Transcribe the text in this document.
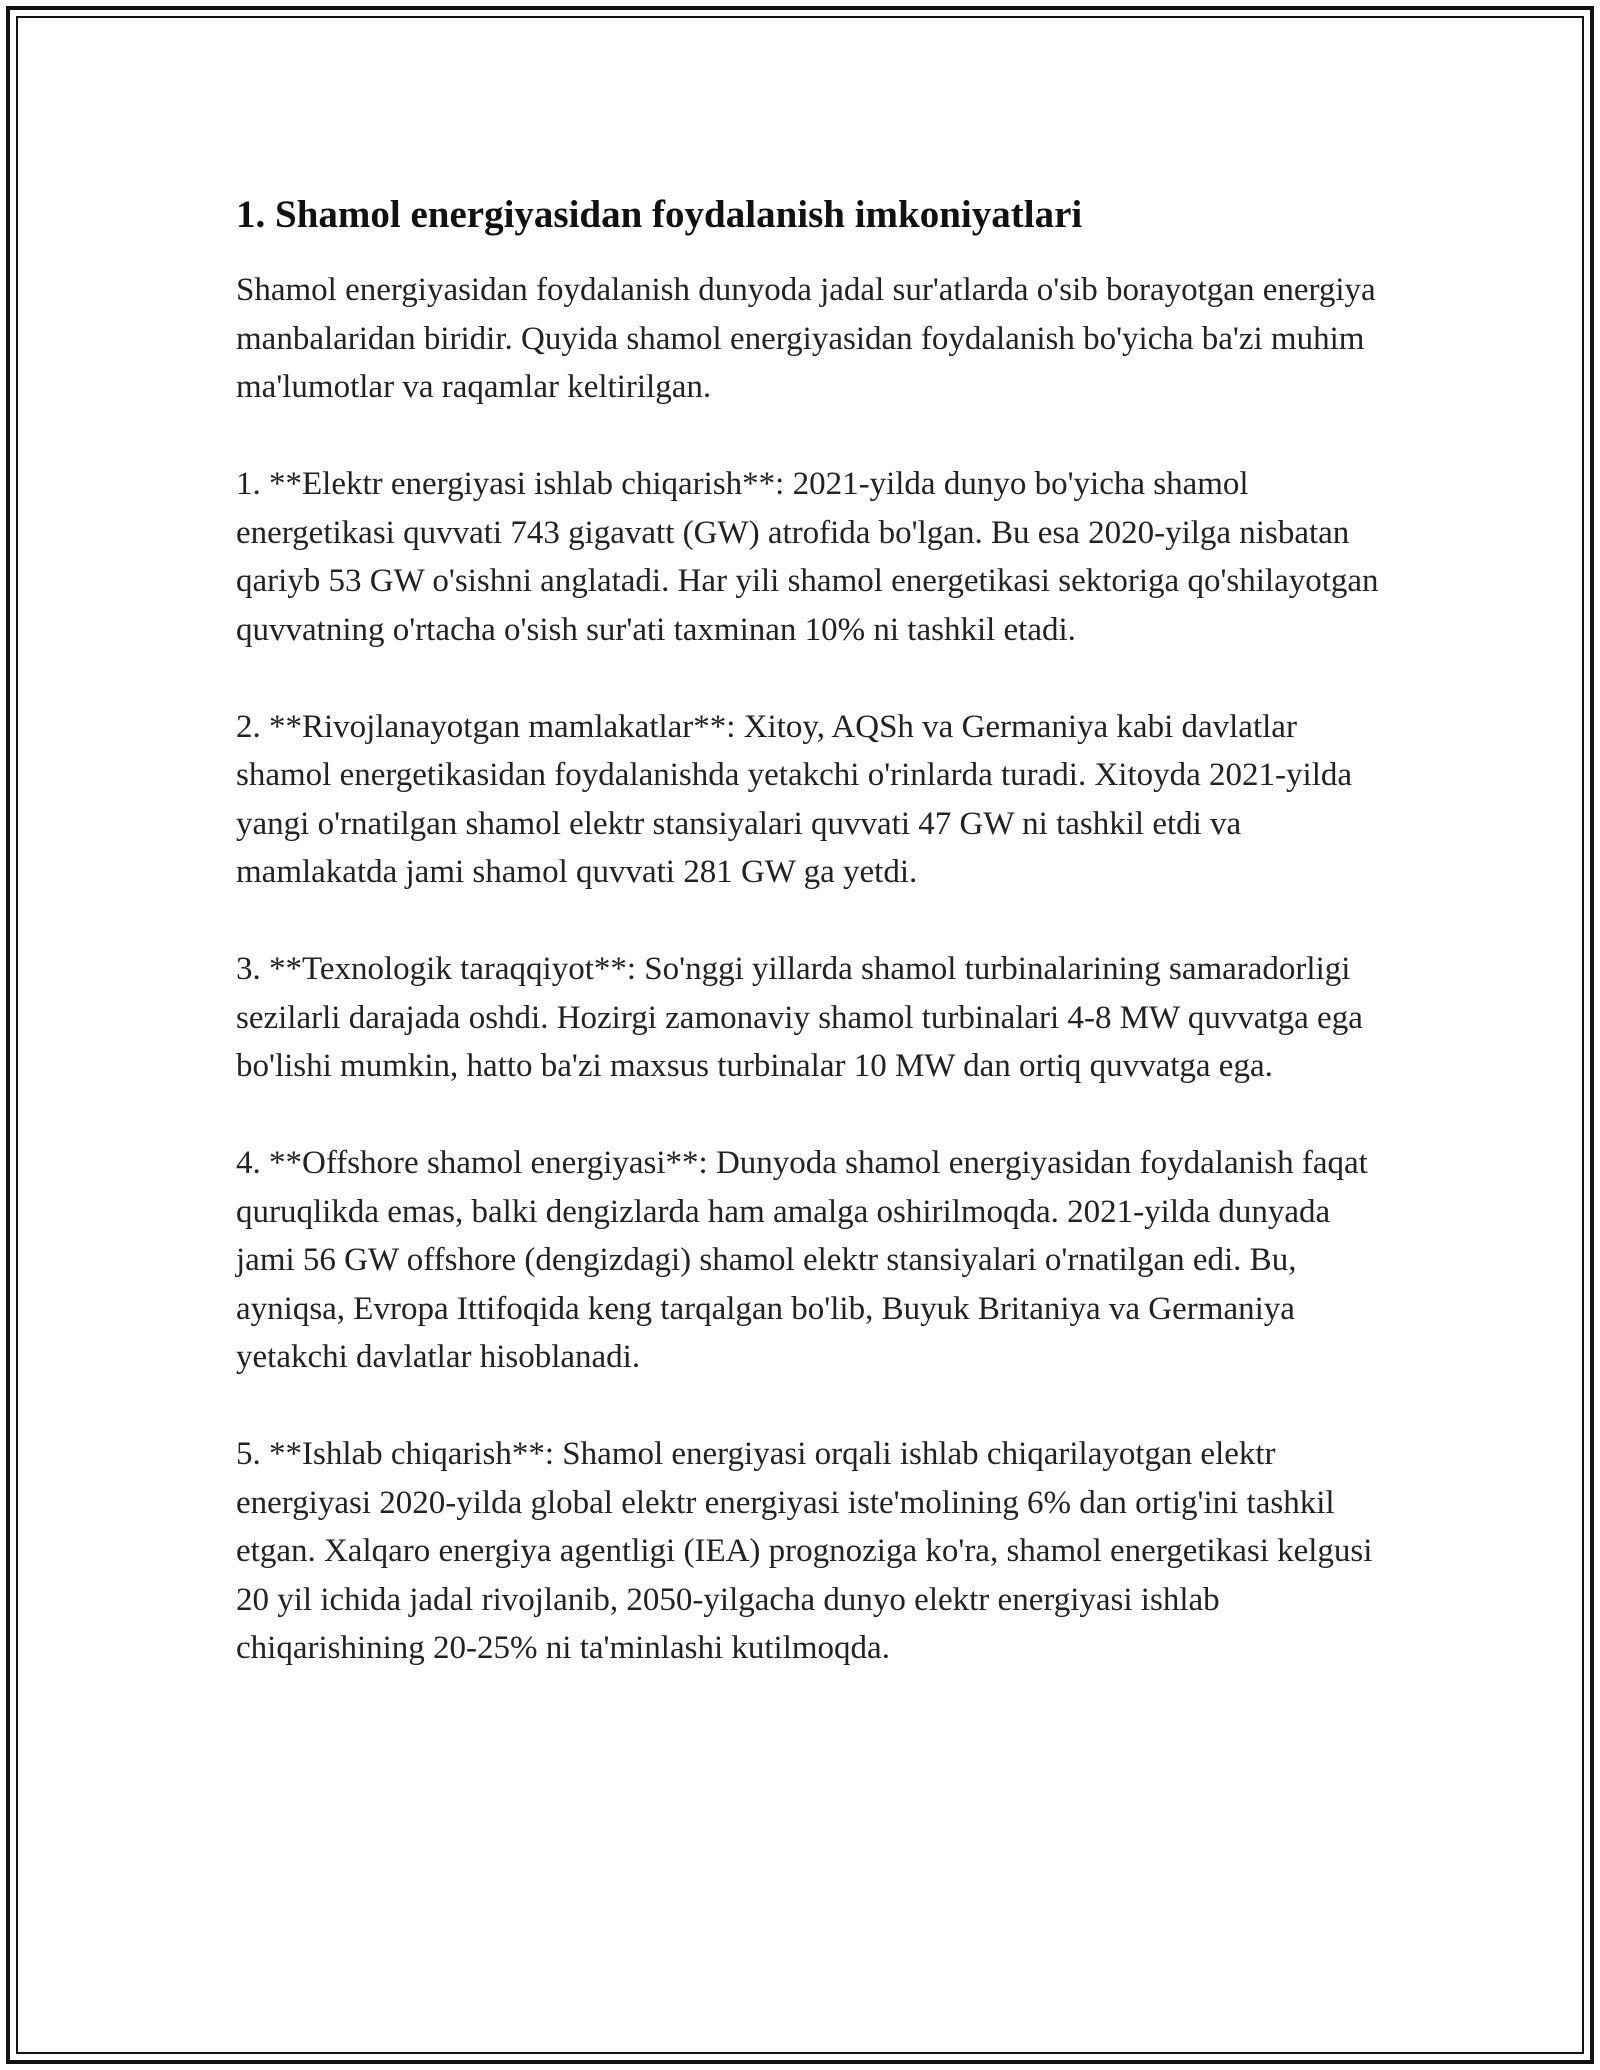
1. Shamol energiyasidan foydalanish imkoniyatlari

Shamol energiyasidan foydalanish dunyoda jadal sur'atlarda o'sib borayotgan energiya manbalaridan biridir. Quyida shamol energiyasidan foydalanish bo'yicha ba'zi muhim ma'lumotlar va raqamlar keltirilgan.

1. **Elektr energiyasi ishlab chiqarish**: 2021-yilda dunyo bo'yicha shamol energetikasi quvvati 743 gigavatt (GW) atrofida bo'lgan. Bu esa 2020-yilga nisbatan qariyb 53 GW o'sishni anglatadi. Har yili shamol energetikasi sektoriga qo'shilayotgan quvvatning o'rtacha o'sish sur'ati taxminan 10% ni tashkil etadi.

2. **Rivojlanayotgan mamlakatlar**: Xitoy, AQSh va Germaniya kabi davlatlar shamol energetikasidan foydalanishda yetakchi o'rinlarda turadi. Xitoyda 2021-yilda yangi o'rnatilgan shamol elektr stansiyalari quvvati 47 GW ni tashkil etdi va mamlakatda jami shamol quvvati 281 GW ga yetdi.

3. **Texnologik taraqqiyot**: So'nggi yillarda shamol turbinalarining samaradorligi sezilarli darajada oshdi. Hozirgi zamonaviy shamol turbinalari 4-8 MW quvvatga ega bo'lishi mumkin, hatto ba'zi maxsus turbinalar 10 MW dan ortiq quvvatga ega.

4. **Offshore shamol energiyasi**: Dunyoda shamol energiyasidan foydalanish faqat quruqlikda emas, balki dengizlarda ham amalga oshirilmoqda. 2021-yilda dunyada jami 56 GW offshore (dengizdagi) shamol elektr stansiyalari o'rnatilgan edi. Bu, ayniqsa, Evropa Ittifoqida keng tarqalgan bo'lib, Buyuk Britaniya va Germaniya yetakchi davlatlar hisoblanadi.

5. **Ishlab chiqarish**: Shamol energiyasi orqali ishlab chiqarilayotgan elektr energiyasi 2020-yilda global elektr energiyasi iste'molining 6% dan ortig'ini tashkil etgan. Xalqaro energiya agentligi (IEA) prognoziga ko'ra, shamol energetikasi kelgusi 20 yil ichida jadal rivojlanib, 2050-yilgacha dunyo elektr energiyasi ishlab chiqarishining 20-25% ni ta'minlashi kutilmoqda.
